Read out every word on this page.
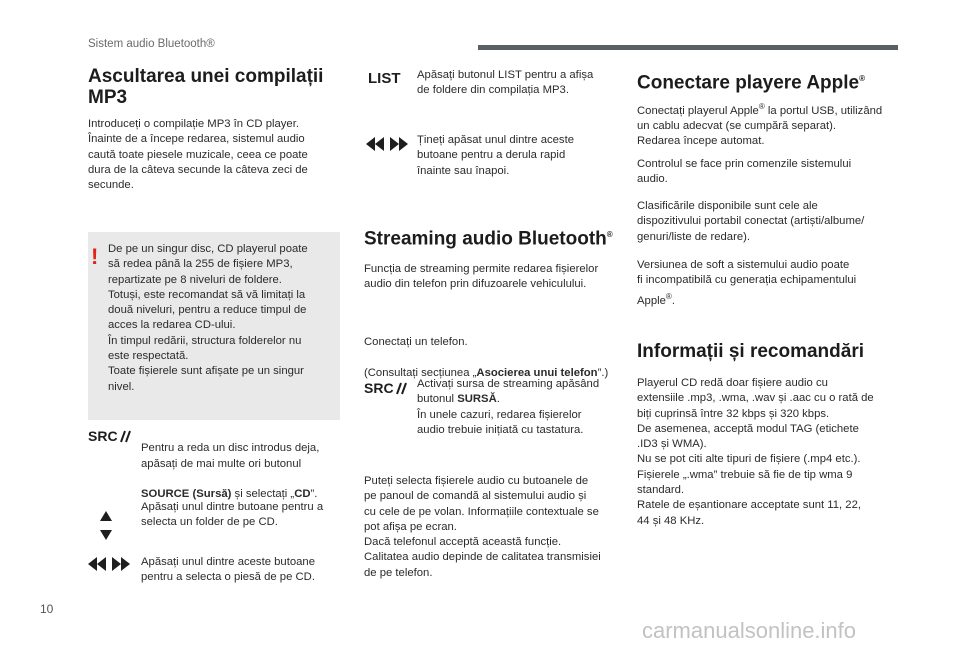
Sistem audio Bluetooth®
Ascultarea unei compilații
MP3

Introduceți o compilație MP3 în CD player.
Înainte de a începe redarea, sistemul audio
caută toate piesele muzicale, ceea ce poate
dura de la câteva secunde la câteva zeci de
secunde.

! De pe un singur disc, CD playerul poate
să redea până la 255 de fișiere MP3,
repartizate pe 8 niveluri de foldere.
Totuși, este recomandat să vă limitați la
două niveluri, pentru a reduce timpul de
acces la redarea CD-ului.
În timpul redării, structura folderelor nu
este respectată.
Toate fișierele sunt afișate pe un singur
nivel.

SRC

Pentru a reda un disc introdus deja,
apăsați de mai multe ori butonul

SOURCE (Sursă) și selectați „CD”.

Apăsați unul dintre butoane pentru a
selecta un folder de pe CD.

Apăsați unul dintre aceste butoane
pentru a selecta o piesă de pe CD.

LIST Apăsați butonul LIST pentru a afișa
de foldere din compilația MP3.

Țineți apăsat unul dintre aceste
butoane pentru a derula rapid
înainte sau înapoi.

Streaming audio Bluetooth®

Funcția de streaming permite redarea fișierelor
audio din telefon prin difuzoarele vehiculului.

Conectați un telefon.

(Consultați secțiunea „Asocierea unui telefon”.)

SRC Activați sursa de streaming apăsând
butonul SURSĂ.
În unele cazuri, redarea fișierelor
audio trebuie inițiată cu tastatura.

Puteți selecta fișierele audio cu butoanele de
pe panoul de comandă al sistemului audio și
cu cele de pe volan. Informațiile contextuale se
pot afișa pe ecran.
Dacă telefonul acceptă această funcție.
Calitatea audio depinde de calitatea transmisiei
de pe telefon.

Conectare playere Apple®

Conectați playerul Apple® la portul USB, utilizând
un cablu adecvat (se cumpără separat).
Redarea începe automat.

Controlul se face prin comenzile sistemului
audio.

Clasificările disponibile sunt cele ale
dispozitivului portabil conectat (artiști/albume/
genuri/liste de redare).

Versiunea de soft a sistemului audio poate
fi incompatibilă cu generația echipamentului
Apple®.

Informații și recomandări

Playerul CD redă doar fișiere audio cu
extensiile .mp3, .wma, .wav și .aac cu o rată de
biți cuprinsă între 32 kbps și 320 kbps.
De asemenea, acceptă modul TAG (etichete
.ID3 și WMA).
Nu se pot citi alte tipuri de fișiere (.mp4 etc.).
Fișierele „.wma” trebuie să fie de tip wma 9
standard.
Ratele de eșantionare acceptate sunt 11, 22,
44 și 48 KHz.

10
carmanualsonline.info
